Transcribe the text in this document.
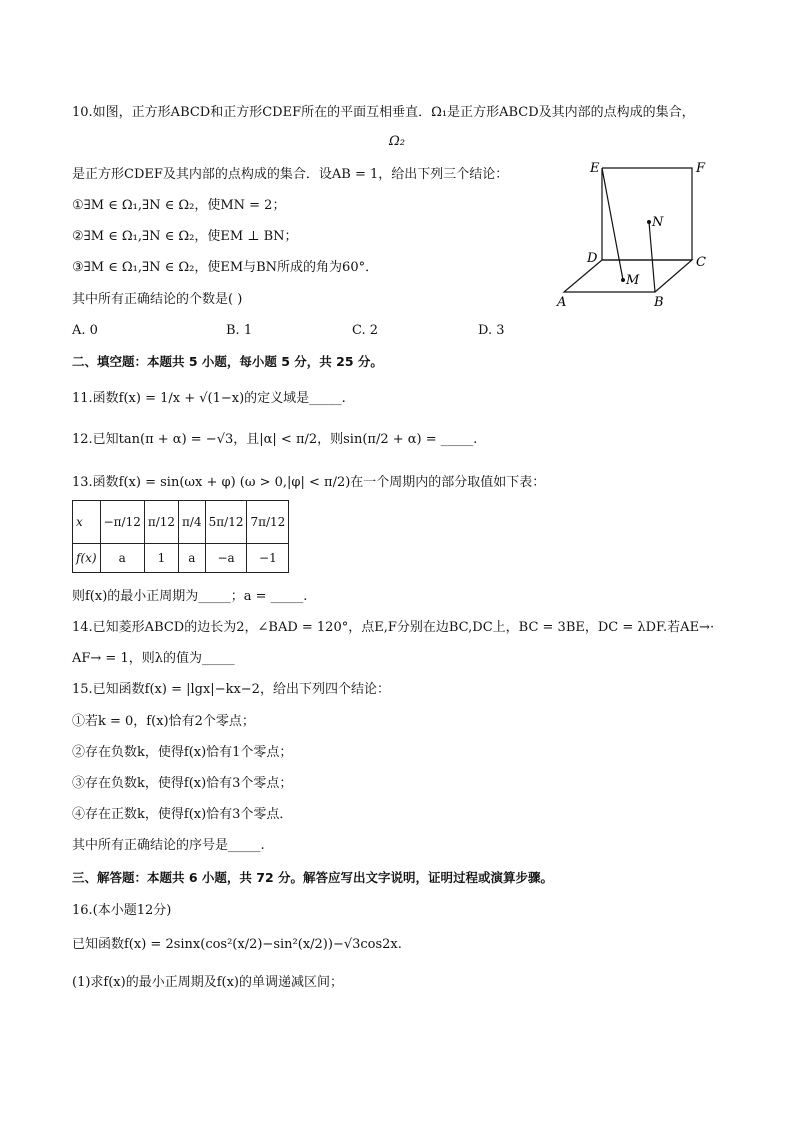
10.如图，正方形ABCD和正方形CDEF所在的平面互相垂直．Ω₁是正方形ABCD及其内部的点构成的集合，
Ω₂
是正方形CDEF及其内部的点构成的集合．设AB = 1，给出下列三个结论：
①∃M ∈ Ω₁,∃N ∈ Ω₂，使MN = 2；
②∃M ∈ Ω₁,∃N ∈ Ω₂，使EM ⊥ BN；
③∃M ∈ Ω₁,∃N ∈ Ω₂，使EM与BN所成的角为60°．
其中所有正确结论的个数是( )
A. 0	B. 1	C. 2	D. 3
E	F
N
D	C
M
A	B
二、填空题：本题共 5 小题，每小题 5 分，共 25 分。
11.函数f(x) = 1/x + √(1−x)的定义域是_____.
12.已知tan(π + α) = −√3，且|α| < π/2，则sin(π/2 + α) = _____.
13.函数f(x) = sin(ωx + φ) (ω > 0,|φ| < π/2)在一个周期内的部分取值如下表：
x	−π/12	π/12	π/4	5π/12	7π/12
f(x)	a	1	a	−a	−1
则f(x)的最小正周期为_____；a = _____.
14.已知菱形ABCD的边长为2，∠BAD = 120°，点E,F分别在边BC,DC上，BC = 3BE，DC = λDF.若AE→·
AF→ = 1，则λ的值为_____
15.已知函数f(x) = |lgx|−kx−2，给出下列四个结论：
①若k = 0，f(x)恰有2个零点；
②存在负数k，使得f(x)恰有1个零点；
③存在负数k，使得f(x)恰有3个零点；
④存在正数k，使得f(x)恰有3个零点．
其中所有正确结论的序号是_____.
三、解答题：本题共 6 小题，共 72 分。解答应写出文字说明，证明过程或演算步骤。
16.(本小题12分)
已知函数f(x) = 2sinx(cos²(x/2)−sin²(x/2))−√3cos2x.
(1)求f(x)的最小正周期及f(x)的单调递减区间；
